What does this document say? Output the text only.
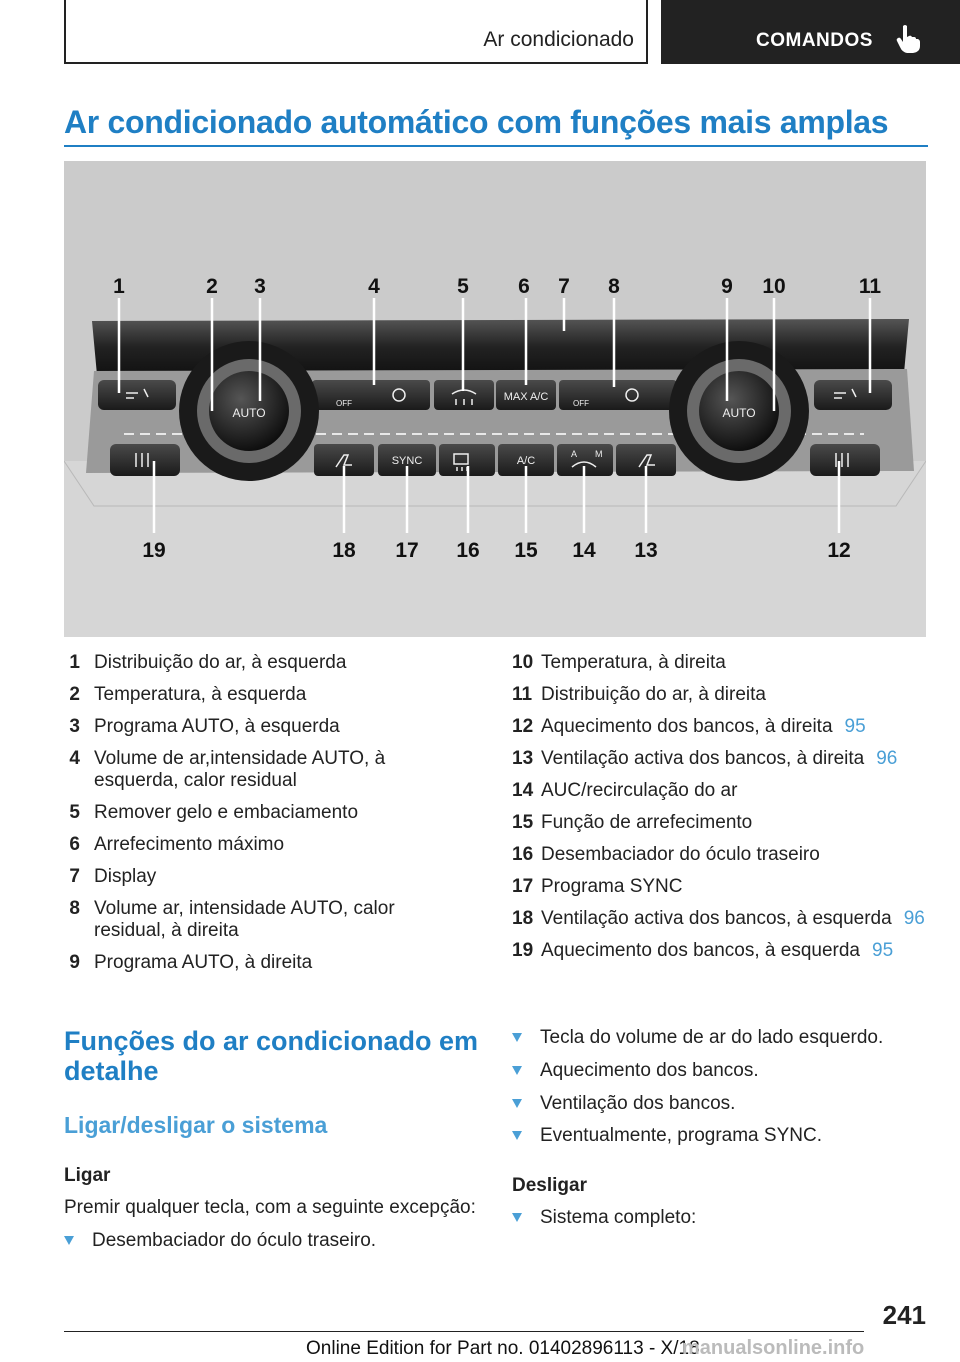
Ar condicionado	COMANDOS
Ar condicionado automático com funções mais amplas
AUTO	AUTO
OFF	OFF
MAX A/C
SYNC	A/C
A M
1	2 3	4	5 6 7 8	9 10	11
19	18 17 16 15 14 13	12
1 Distribuição do ar, à esquerda
2 Temperatura, à esquerda
3 Programa AUTO, à esquerda
4 Volume de ar,intensidade AUTO, à esquerda, calor residual
5 Remover gelo e embaciamento
6 Arrefecimento máximo
7 Display
8 Volume ar, intensidade AUTO, calor residual, à direita
9 Programa AUTO, à direita
10 Temperatura, à direita
11 Distribuição do ar, à direita
12 Aquecimento dos bancos, à direita 95
13 Ventilação activa dos bancos, à direita 96
14 AUC/recirculação do ar
15 Função de arrefecimento
16 Desembaciador do óculo traseiro
17 Programa SYNC
18 Ventilação activa dos bancos, à esquerda 96
19 Aquecimento dos bancos, à esquerda 95
Funções do ar condicionado em detalhe
Ligar/desligar o sistema
Ligar
Premir qualquer tecla, com a seguinte excepção:
Desembaciador do óculo traseiro.
Tecla do volume de ar do lado esquerdo.
Aquecimento dos bancos.
Ventilação dos bancos.
Eventualmente, programa SYNC.
Desligar
Sistema completo:
241
Online Edition for Part no. 01402896113 - X/18
manualsonline.info
